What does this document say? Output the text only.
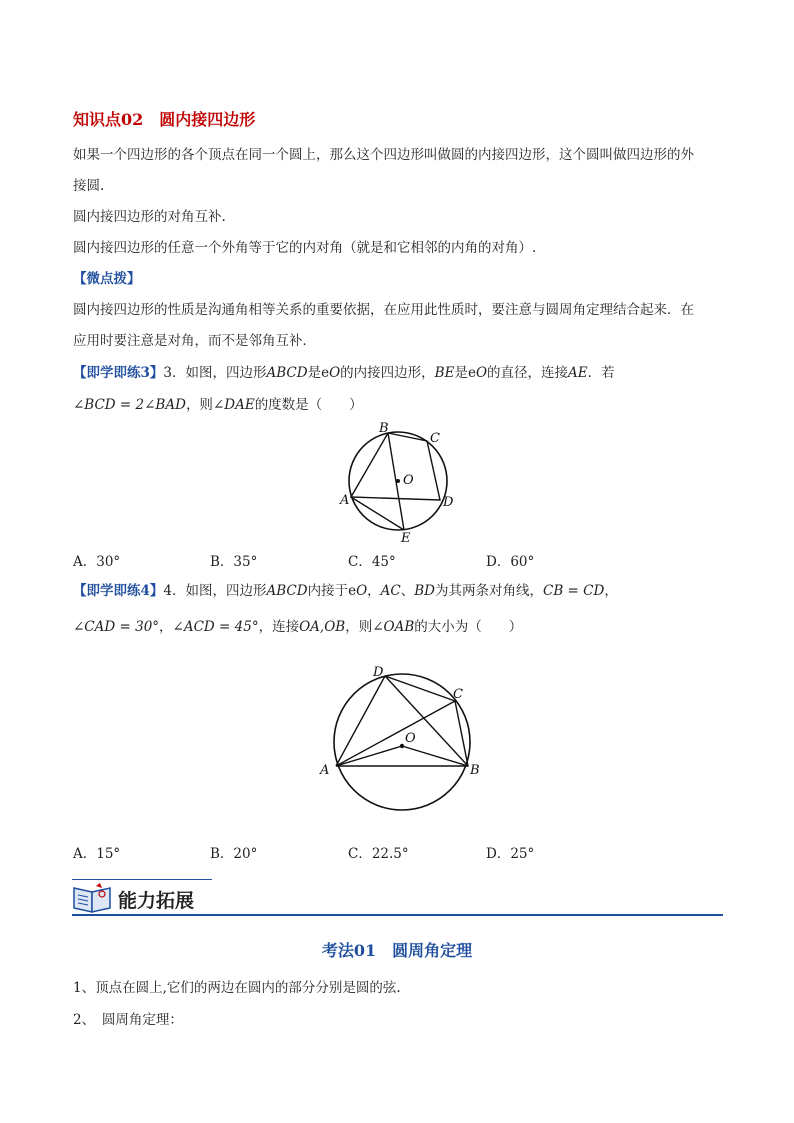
知识点02　圆内接四边形
如果一个四边形的各个顶点在同一个圆上，那么这个四边形叫做圆的内接四边形，这个圆叫做四边形的外
接圆.
圆内接四边形的对角互补.
圆内接四边形的任意一个外角等于它的内对角（就是和它相邻的内角的对角）.
【微点拨】
圆内接四边形的性质是沟通角相等关系的重要依据，在应用此性质时，要注意与圆周角定理结合起来．在
应用时要注意是对角，而不是邻角互补．
【即学即练3】3．如图，四边形ABCD是eO的内接四边形，BE是eO的直径，连接AE．若
∠BCD = 2∠BAD，则∠DAE的度数是（　　）
B
C
D
A
E
O
A．30°	B．35°	C．45°	D．60°
【即学即练4】4．如图，四边形ABCD内接于eO，AC、BD为其两条对角线，CB = CD，
∠CAD = 30°，∠ACD = 45°，连接OA,OB，则∠OAB的大小为（　　）
D
C
A	B
O
A．15°	B．20°	C．22.5°	D．25°
能力拓展
考法01　圆周角定理
1、顶点在圆上,它们的两边在圆内的部分分别是圆的弦.
2、　圆周角定理：
